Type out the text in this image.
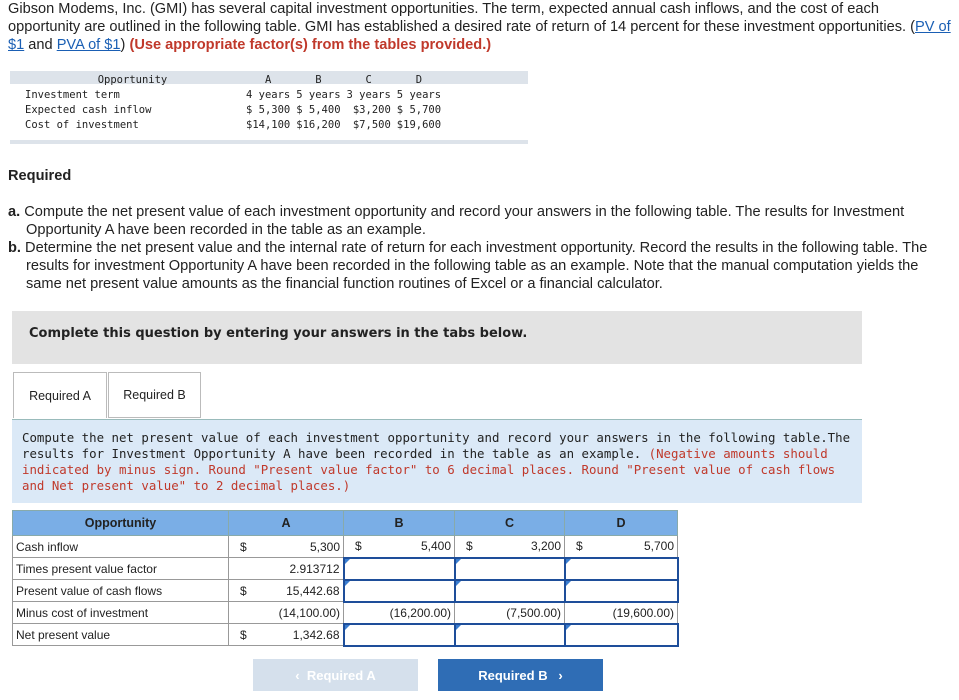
Gibson Modems, Inc. (GMI) has several capital investment opportunities. The term, expected annual cash inflows, and the cost of each opportunity are outlined in the following table. GMI has established a desired rate of return of 14 percent for these investment opportunities. (PV of $1 and PVA of $1) (Use appropriate factor(s) from the tables provided.)
Opportunity	A	B	C	D
Investment term	4 years	5 years	3 years	5 years
Expected cash inflow	$ 5,300	$ 5,400	$3,200	$ 5,700
Cost of investment	$14,100	$16,200	$7,500	$19,600
Required
a. Compute the net present value of each investment opportunity and record your answers in the following table. The results for Investment Opportunity A have been recorded in the table as an example.
b. Determine the net present value and the internal rate of return for each investment opportunity. Record the results in the following table. The results for investment Opportunity A have been recorded in the following table as an example. Note that the manual computation yields the same net present value amounts as the financial function routines of Excel or a financial calculator.
Complete this question by entering your answers in the tabs below.
Required A	Required B
Compute the net present value of each investment opportunity and record your answers in the following table.The results for Investment Opportunity A have been recorded in the table as an example. (Negative amounts should indicated by minus sign. Round "Present value factor" to 6 decimal places. Round "Present value of cash flows and Net present value" to 2 decimal places.)
Opportunity	A	B	C	D
Cash inflow	$ 5,300	$ 5,400	$ 3,200	$ 5,700
Times present value factor	2.913712			
Present value of cash flows	$ 15,442.68			
Minus cost of investment	(14,100.00)	(16,200.00)	(7,500.00)	(19,600.00)
Net present value	$ 1,342.68			
‹ Required A	Required B ›
